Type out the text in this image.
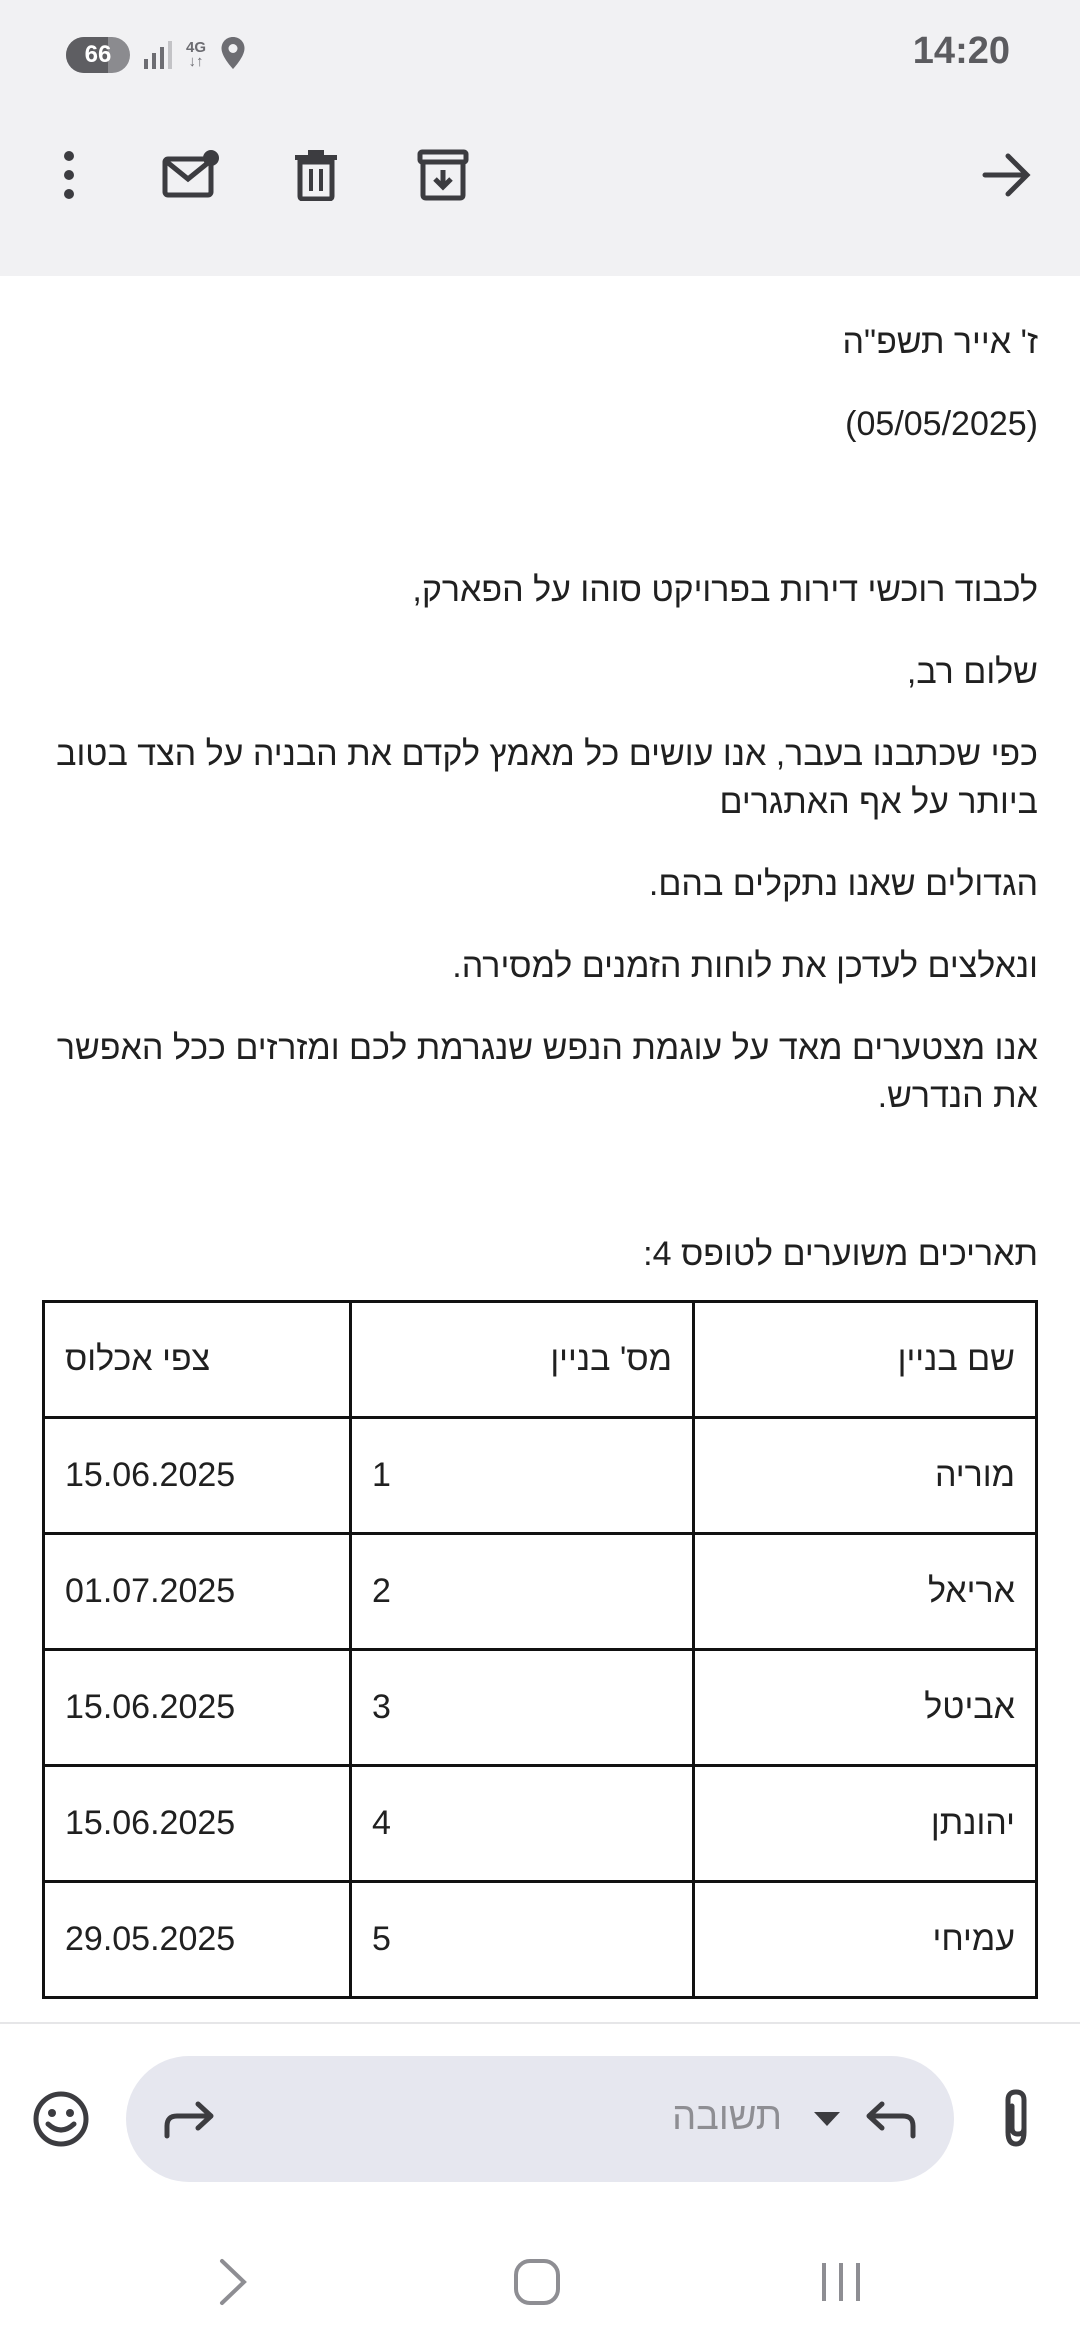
66	4G
↓↑	14:20

ז' אייר תשפ"ה

(05/05/2025)

לכבוד רוכשי דירות בפרויקט סוהו על הפארק,

שלום רב,

כפי שכתבנו בעבר, אנו עושים כל מאמץ לקדם את הבניה על הצד בטוב ביותר על אף האתגרים

הגדולים שאנו נתקלים בהם.

ונאלצים לעדכן את לוחות הזמנים למסירה.

אנו מצטערים מאד על עוגמת הנפש שנגרמת לכם ומזרזים ככל האפשר את הנדרש.

תאריכים משוערים לטופס 4:

שם בניין	מס' בניין	צפי אכלוס
מוריה	1	15.06.2025
אריאל	2	01.07.2025
אביטל	3	15.06.2025
יהונתן	4	15.06.2025
עמיחי	5	29.05.2025
תשובה
